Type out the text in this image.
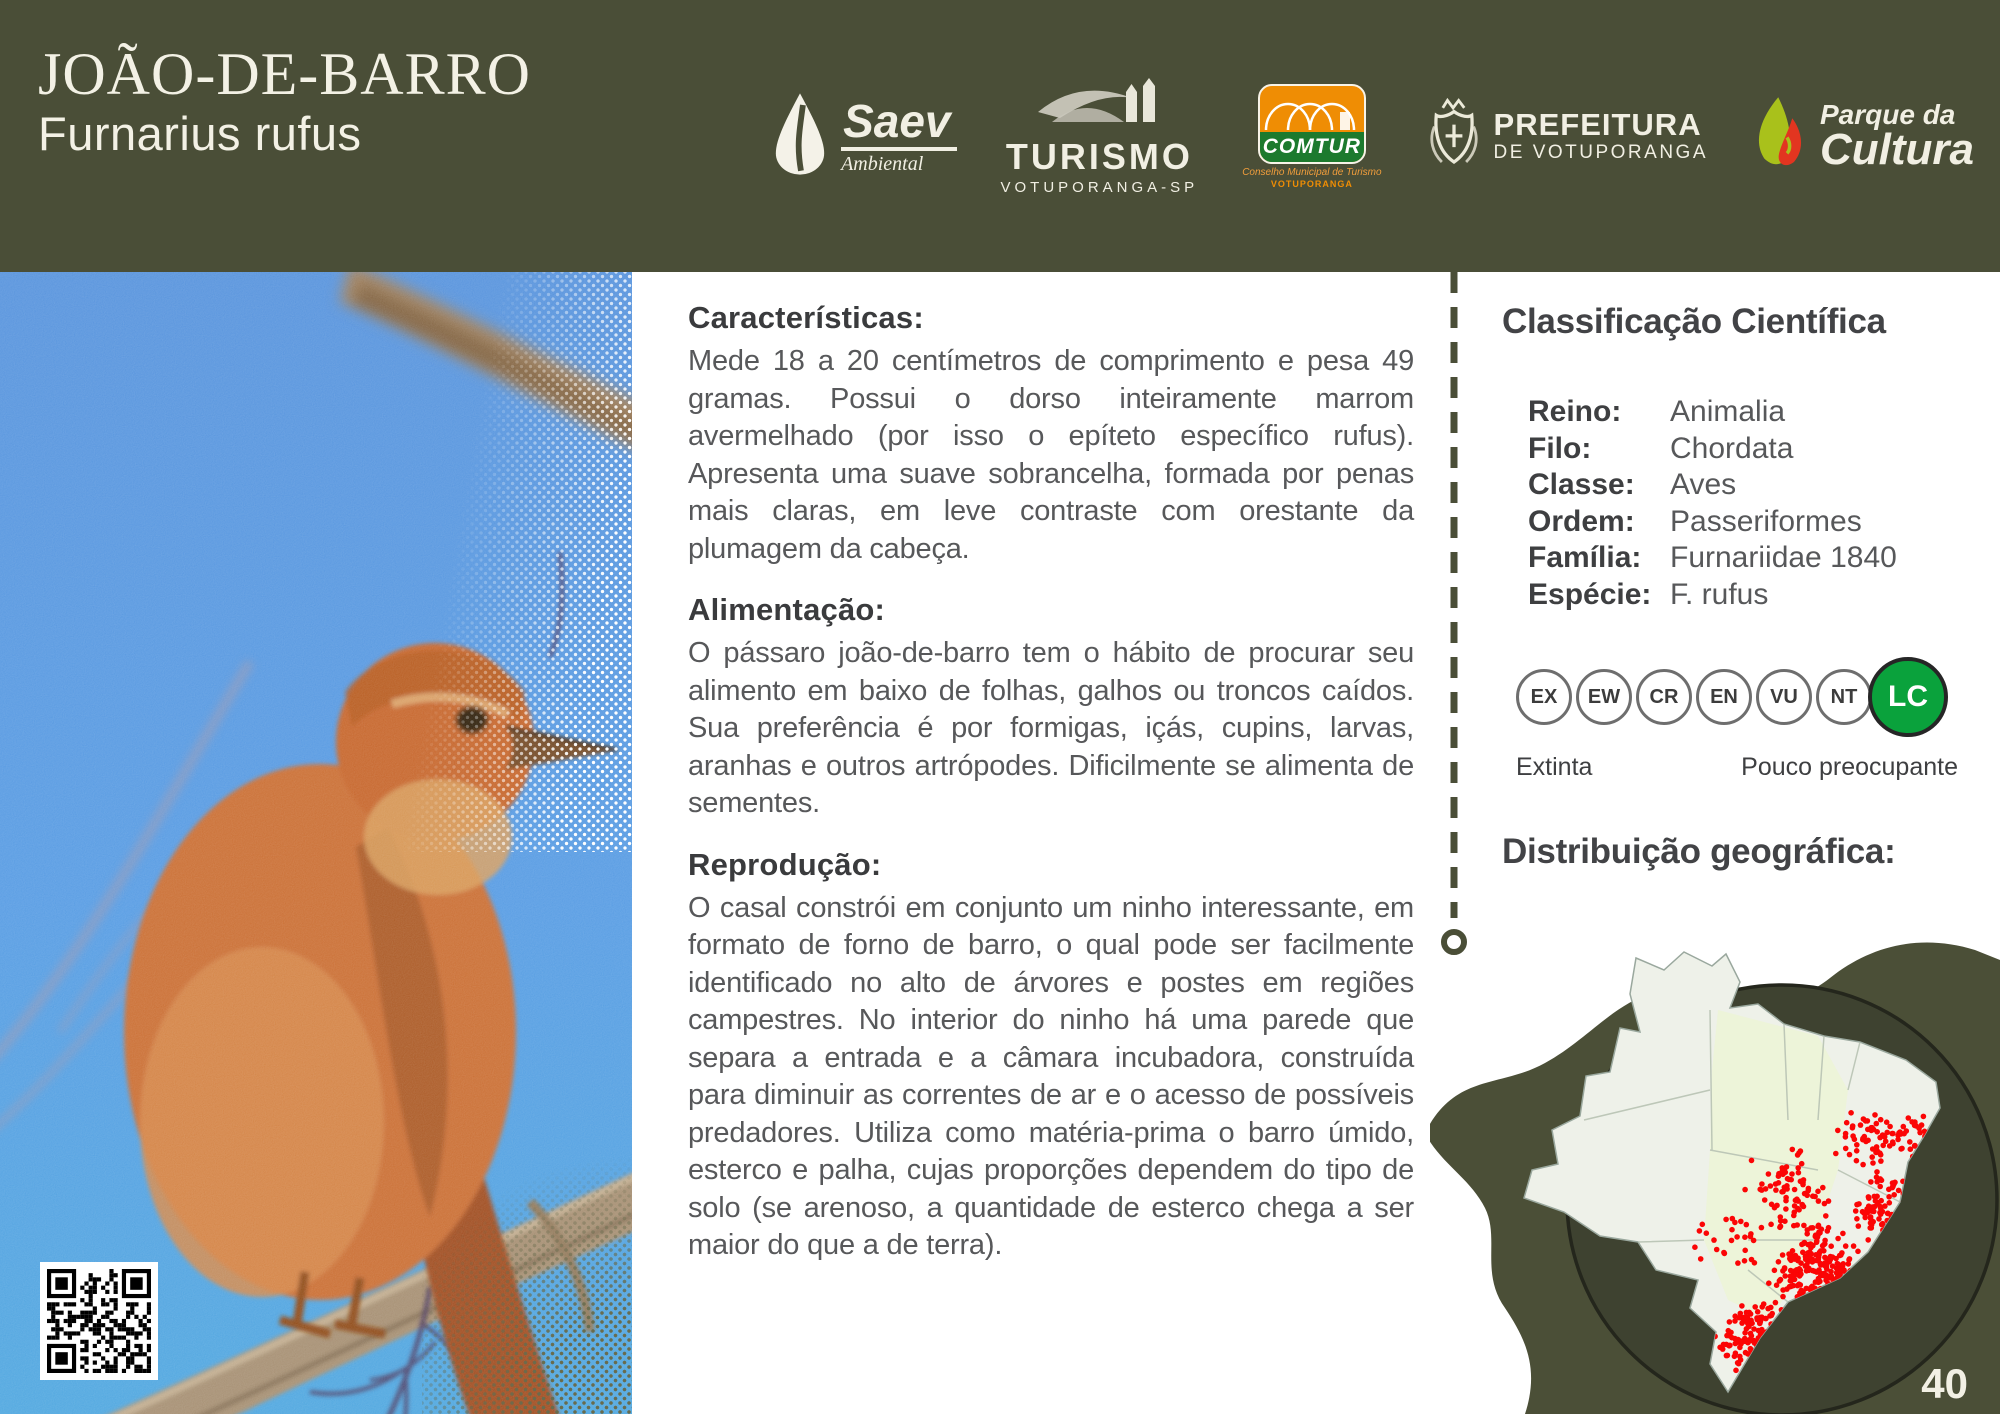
JOÃO-DE-BARRO
Furnarius rufus	Saev
Ambiental TURISMO
VOTUPORANGA-SP
COMTUR
Conselho Municipal de Turismo
VOTUPORANGA
PREFEITURA
DE VOTUPORANGA
Parque da
Cultura
Características:

Mede 18 a 20 centímetros de comprimento e pesa 49 gramas. Possui o dorso inteiramente marrom avermelhado (por isso o epíteto específico rufus). Apresenta uma suave sobrancelha, formada por penas mais claras, em leve contraste com orestante da plumagem da cabeça.

Alimentação:

O pássaro joão-de-barro tem o hábito de procurar seu alimento em baixo de folhas, galhos ou troncos caídos. Sua preferência é por formigas, içás, cupins, larvas, aranhas e outros artrópodes. Dificilmente se alimenta de sementes.

Reprodução:

O casal constrói em conjunto um ninho interessante, em formato de forno de barro, o qual pode ser facilmente identificado no alto de árvores e postes em regiões campestres. No interior do ninho há uma parede que separa a entrada e a câmara incubadora, construída para diminuir as correntes de ar e o acesso de possíveis predadores. Utiliza como matéria-prima o barro úmido, esterco e palha, cujas proporções dependem do tipo de solo (se arenoso, a quantidade de esterco chega a ser maior do que a de terra).

Classificação Científica
Reino:	Animalia
Filo:	Chordata
Classe:	Aves
Ordem:	Passeriformes
Família: Furnariidae 1840
Espécie: F. rufus
EX	EW	CR	EN	VU	NT	LC
Extinta	Pouco preocupante
Distribuição geográfica:
40
